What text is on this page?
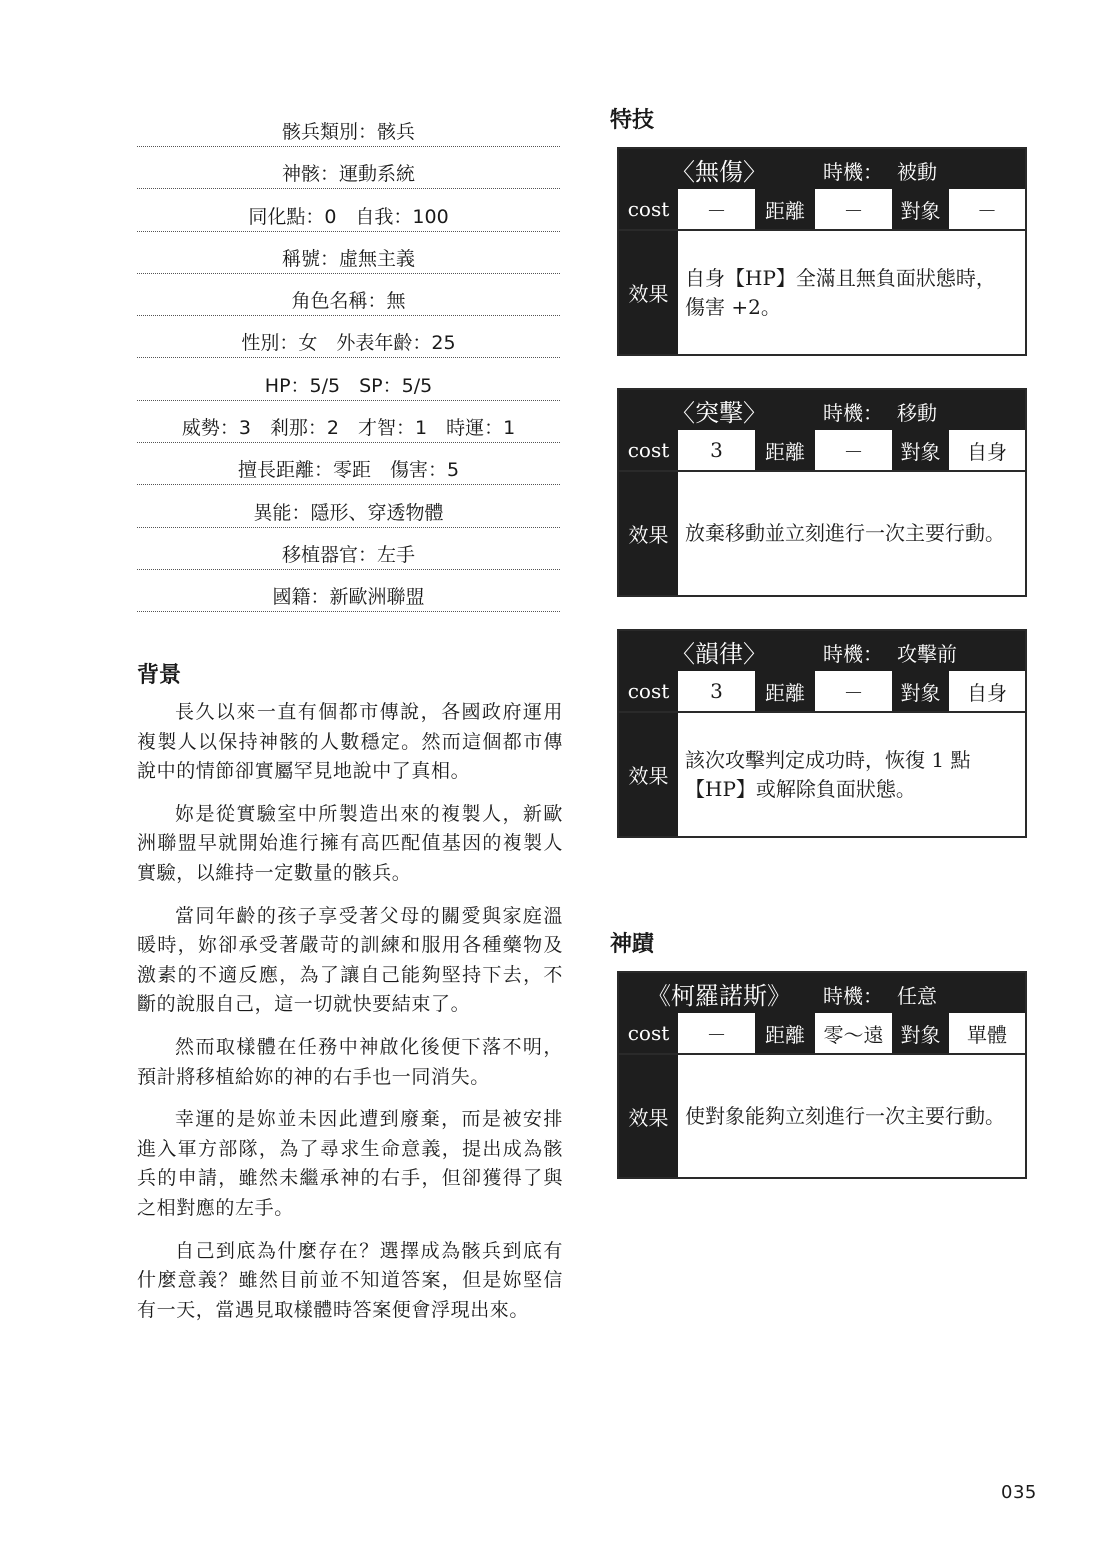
骸兵類別：骸兵
神骸：運動系統
同化點：0　自我：100
稱號：虛無主義
角色名稱：無
性別：女　外表年齡：25
HP：5/5　SP：5/5
威勢：3　剎那：2　才智：1　時運：1
擅長距離：零距　傷害：5
異能：隱形、穿透物體
移植器官：左手
國籍：新歐洲聯盟
背景

長久以來一直有個都市傳說，各國政府運用複製人以保持神骸的人數穩定。然而這個都市傳說中的情節卻實屬罕見地說中了真相。

妳是從實驗室中所製造出來的複製人，新歐洲聯盟早就開始進行擁有高匹配值基因的複製人實驗，以維持一定數量的骸兵。

當同年齡的孩子享受著父母的關愛與家庭溫暖時，妳卻承受著嚴苛的訓練和服用各種藥物及激素的不適反應，為了讓自己能夠堅持下去，不斷的說服自己，這一切就快要結束了。

然而取樣體在任務中神啟化後便下落不明，預計將移植給妳的神的右手也一同消失。

幸運的是妳並未因此遭到廢棄，而是被安排進入軍方部隊，為了尋求生命意義，提出成為骸兵的申請，雖然未繼承神的右手，但卻獲得了與之相對應的左手。

自己到底為什麼存在？選擇成為骸兵到底有什麼意義？雖然目前並不知道答案，但是妳堅信有一天，當遇見取樣體時答案便會浮現出來。

特技
〈無傷〉	時機： 被動
cost	－	距離	－	對象	－
效果
自身【HP】全滿且無負面狀態時，傷害 +2。
〈突擊〉	時機： 移動
cost	3	距離	－	對象	自身
效果 放棄移動並立刻進行一次主要行動。
〈韻律〉	時機： 攻擊前
cost	3	距離	－	對象	自身
效果
該次攻擊判定成功時，恢復 1 點【HP】或解除負面狀態。
神蹟
《柯羅諾斯》 時機： 任意
cost	－	距離 零～遠 對象	單體
效果 使對象能夠立刻進行一次主要行動。
035
